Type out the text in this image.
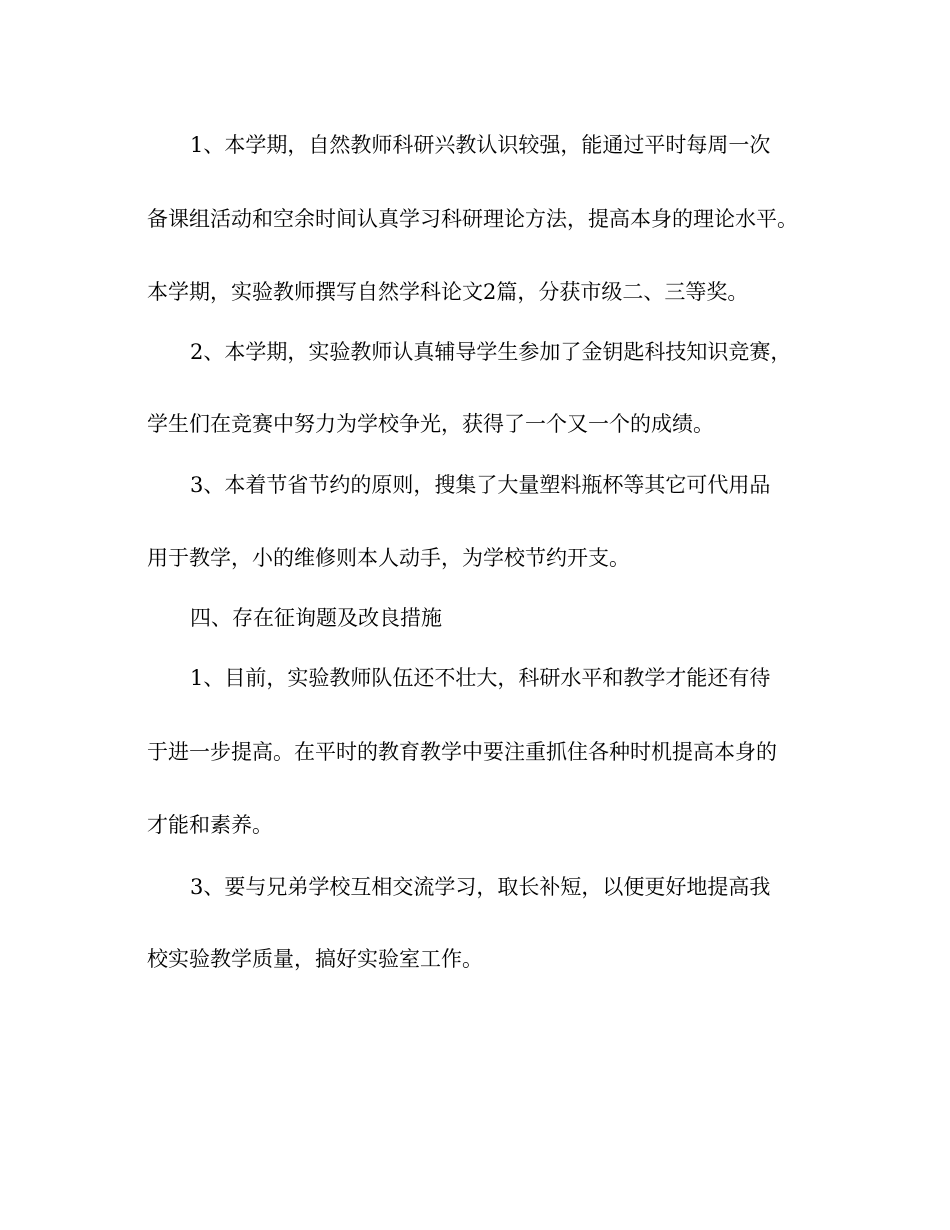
1、本学期，自然教师科研兴教认识较强，能通过平时每周一次

备课组活动和空余时间认真学习科研理论方法，提高本身的理论水平。

本学期，实验教师撰写自然学科论文2篇，分获市级二、三等奖。

2、本学期，实验教师认真辅导学生参加了金钥匙科技知识竞赛，

学生们在竞赛中努力为学校争光，获得了一个又一个的成绩。

3、本着节省节约的原则，搜集了大量塑料瓶杯等其它可代用品

用于教学，小的维修则本人动手，为学校节约开支。

四、存在征询题及改良措施

1、目前，实验教师队伍还不壮大，科研水平和教学才能还有待

于进一步提高。在平时的教育教学中要注重抓住各种时机提高本身的

才能和素养。

3、要与兄弟学校互相交流学习，取长补短，以便更好地提高我

校实验教学质量，搞好实验室工作。
